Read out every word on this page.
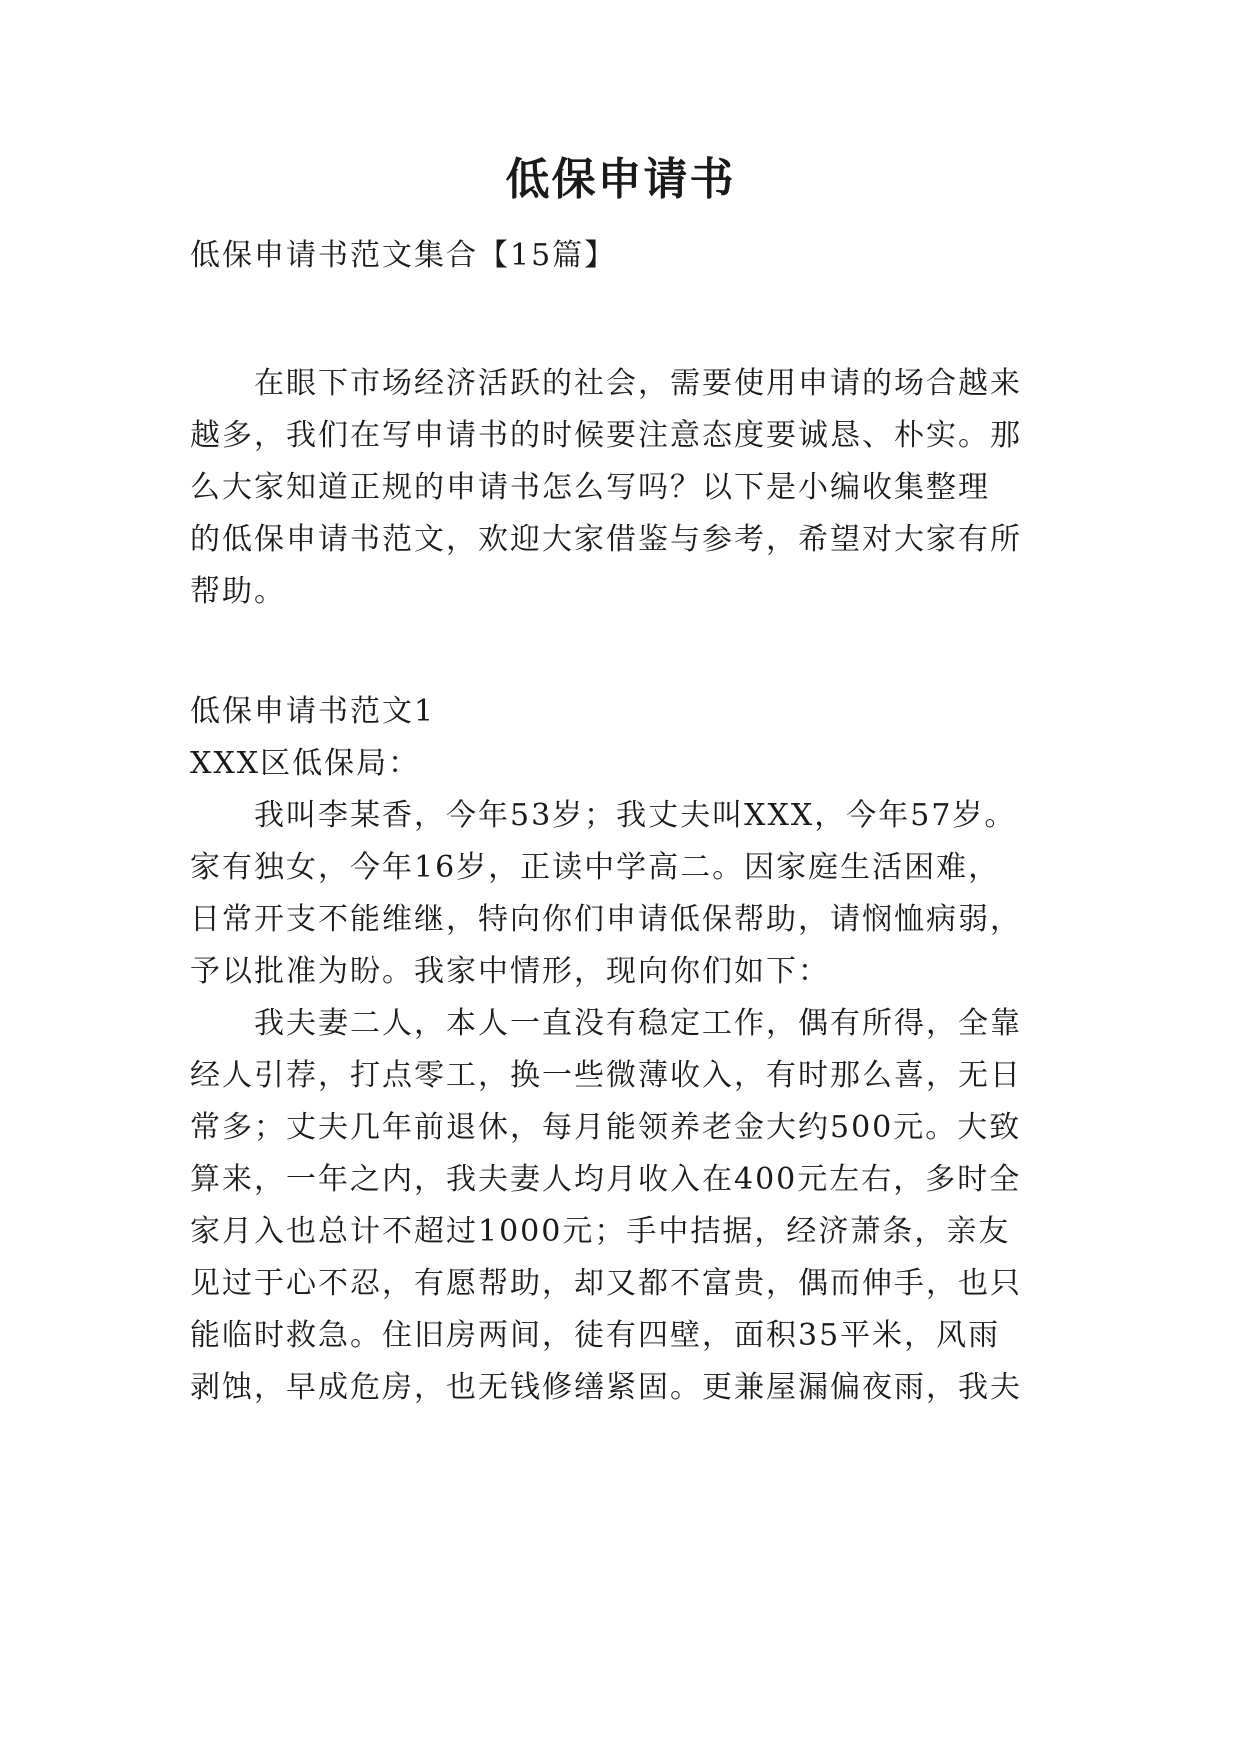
低保申请书

低保申请书范文集合【15篇】

　　在眼下市场经济活跃的社会，需要使用申请的场合越来
越多，我们在写申请书的时候要注意态度要诚恳、朴实。那
么大家知道正规的申请书怎么写吗？以下是小编收集整理
的低保申请书范文，欢迎大家借鉴与参考，希望对大家有所
帮助。

低保申请书范文1

XXX区低保局：

　　我叫李某香，今年53岁；我丈夫叫XXX，今年57岁。
家有独女，今年16岁，正读中学高二。因家庭生活困难，
日常开支不能维继，特向你们申请低保帮助，请悯恤病弱，
予以批准为盼。我家中情形，现向你们如下：
　　我夫妻二人，本人一直没有稳定工作，偶有所得，全靠
经人引荐，打点零工，换一些微薄收入，有时那么喜，无日
常多；丈夫几年前退休，每月能领养老金大约500元。大致
算来，一年之内，我夫妻人均月收入在400元左右，多时全
家月入也总计不超过1000元；手中拮据，经济萧条，亲友
见过于心不忍，有愿帮助，却又都不富贵，偶而伸手，也只
能临时救急。住旧房两间，徒有四壁，面积35平米，风雨
剥蚀，早成危房，也无钱修缮紧固。更兼屋漏偏夜雨，我夫
